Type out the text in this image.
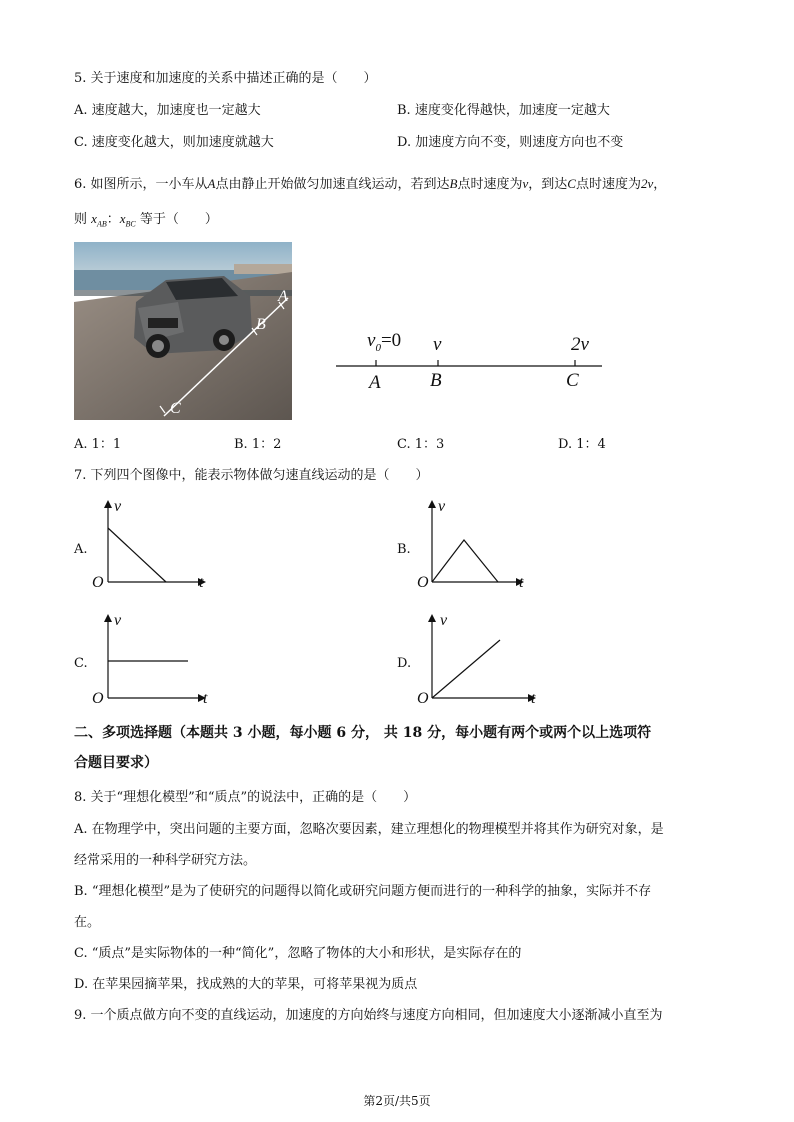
5. 关于速度和加速度的关系中描述正确的是（　　）
A. 速度越大，加速度也一定越大	B. 速度变化得越快，加速度一定越大
C. 速度变化越大，则加速度就越大	D. 加速度方向不变，则速度方向也不变
6. 如图所示，一小车从A点由静止开始做匀加速直线运动，若到达B点时速度为v，到达C点时速度为2v，
则 $x_{AB}$：$x_{BC}$ 等于（　　）
A
B
C
$v_0=0$ v	2v
A	B	C
A. 1：1	B. 1：2	C. 1：3	D. 1：4
7. 下列四个图像中，能表示物体做匀速直线运动的是（　　）
A.
v
O	t
B.
v
O	t
C.
v
O	t
D.
v
O	t
二、多项选择题（本题共 3 小题，每小题 6 分， 共 18 分，每小题有两个或两个以上选项符
合题目要求）
8. 关于“理想化模型”和“质点”的说法中，正确的是（　　）
A. 在物理学中，突出问题的主要方面，忽略次要因素，建立理想化的物理模型并将其作为研究对象，是
经常采用的一种科学研究方法。
B. “理想化模型”是为了使研究的问题得以简化或研究问题方便而进行的一种科学的抽象，实际并不存
在。
C. “质点”是实际物体的一种“简化”，忽略了物体的大小和形状，是实际存在的
D. 在苹果园摘苹果，找成熟的大的苹果，可将苹果视为质点
9. 一个质点做方向不变的直线运动，加速度的方向始终与速度方向相同，但加速度大小逐渐减小直至为
第2页/共5页
